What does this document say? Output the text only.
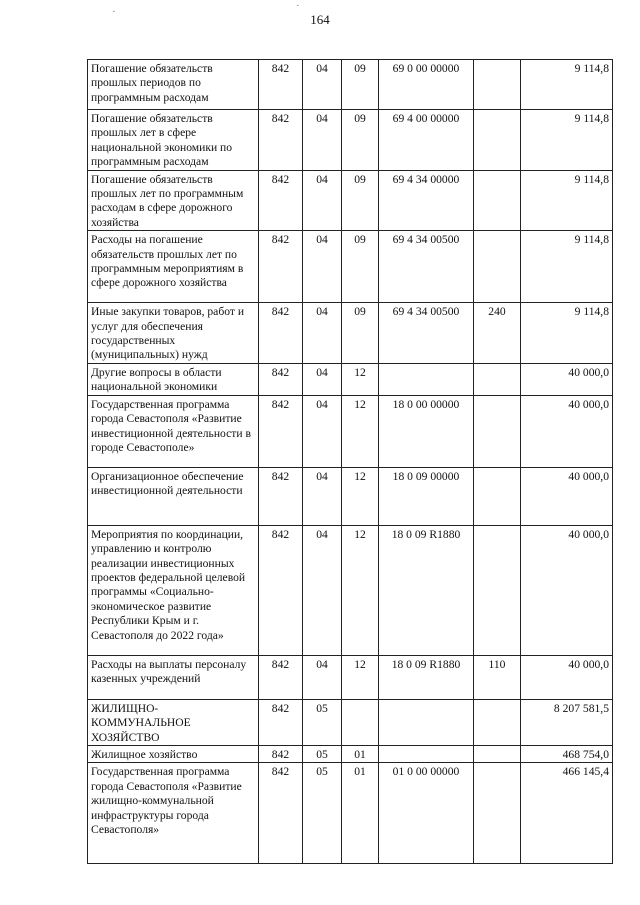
164
·	·
Погашение обязательств прошлых периодов по программным расходам	842	04	09	69 0 00 00000		9 114,8
Погашение обязательств прошлых лет в сфере национальной экономики по программным расходам	842	04	09	69 4 00 00000		9 114,8
Погашение обязательств прошлых лет по программным расходам в сфере дорожного хозяйства	842	04	09	69 4 34 00000		9 114,8
Расходы на погашение обязательств прошлых лет по программным мероприятиям в сфере дорожного хозяйства	842	04	09	69 4 34 00500		9 114,8
Иные закупки товаров, работ и услуг для обеспечения государственных (муниципальных) нужд	842	04	09	69 4 34 00500	240	9 114,8
Другие вопросы в области национальной экономики	842	04	12			40 000,0
Государственная программа города Севастополя «Развитие инвестиционной деятельности в городе Севастополе»	842	04	12	18 0 00 00000		40 000,0
Организационное обеспечение инвестиционной деятельности	842	04	12	18 0 09 00000		40 000,0
Мероприятия по координации, управлению и контролю реализации инвестиционных проектов федеральной целевой программы «Социально-экономическое развитие Республики Крым и г. Севастополя до 2022 года»	842	04	12	18 0 09 R1880		40 000,0
Расходы на выплаты персоналу казенных учреждений	842	04	12	18 0 09 R1880	110	40 000,0
ЖИЛИЩНО-КОММУНАЛЬНОЕ ХОЗЯЙСТВО	842	05				8 207 581,5
Жилищное хозяйство	842	05	01			468 754,0
Государственная программа города Севастополя «Развитие жилищно-коммунальной инфраструктуры города Севастополя»	842	05	01	01 0 00 00000		466 145,4
